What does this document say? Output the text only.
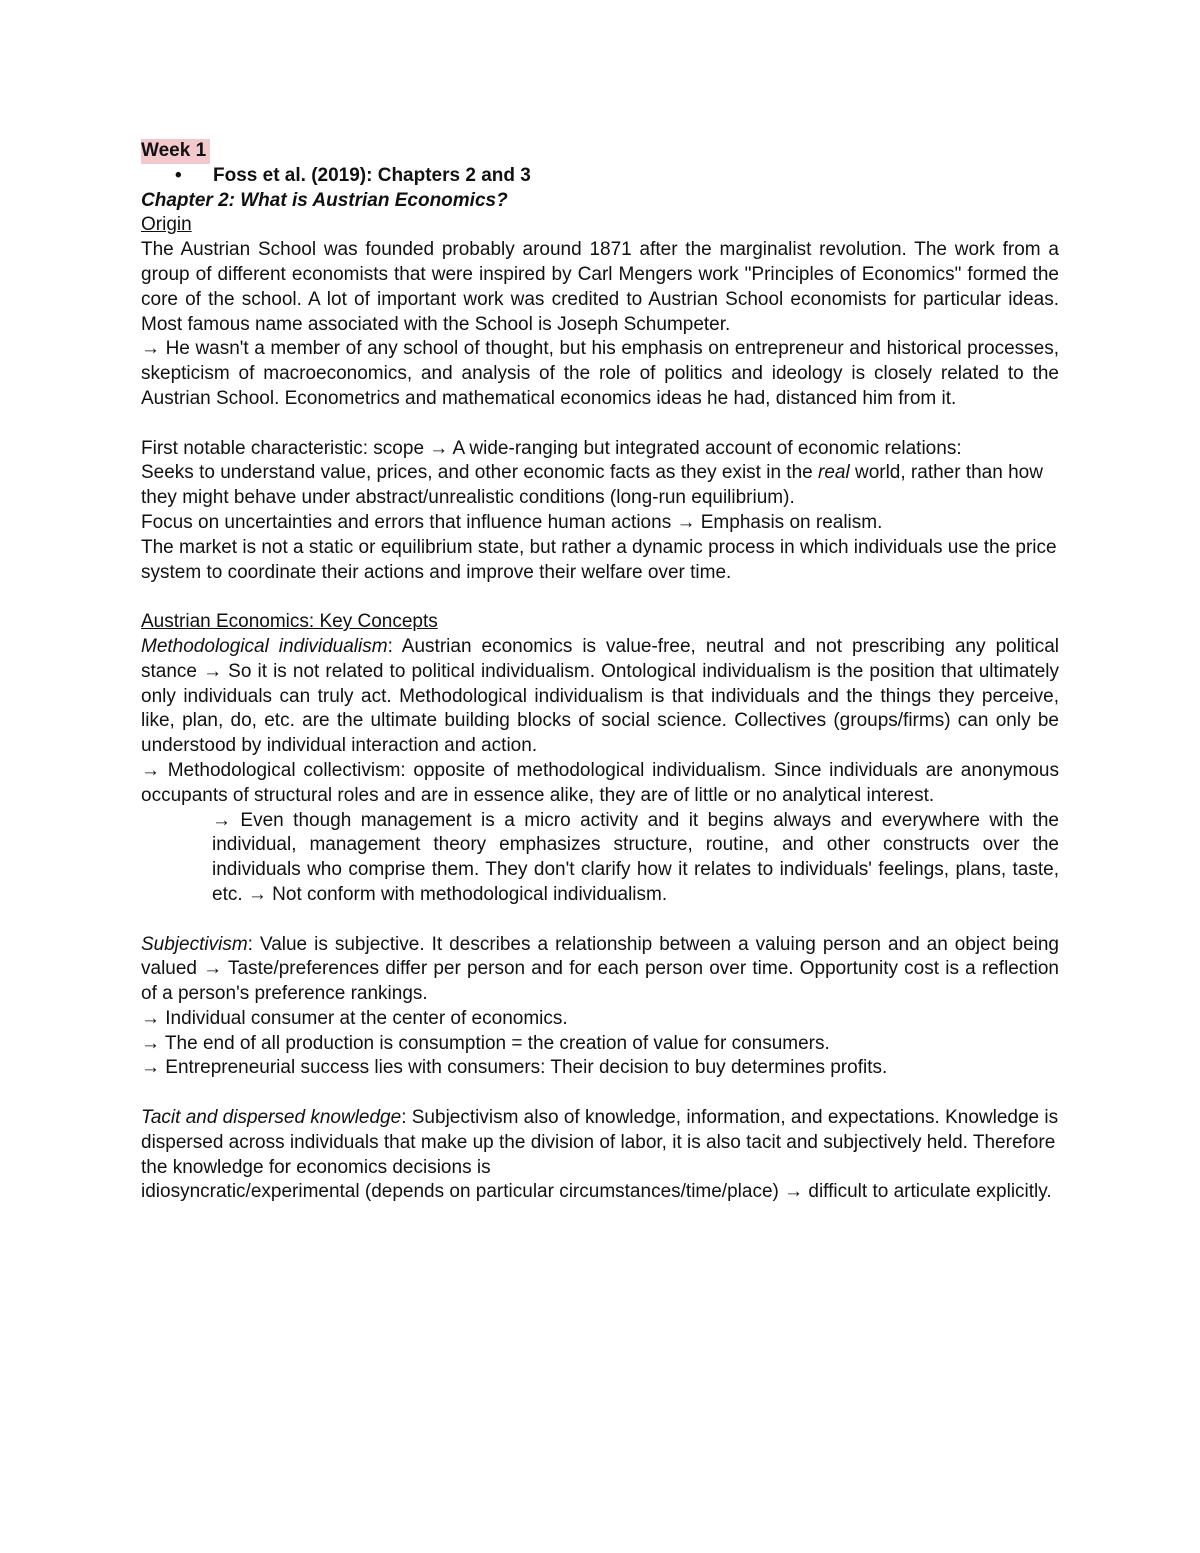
Week 1

• Foss et al. (2019): Chapters 2 and 3

Chapter 2: What is Austrian Economics?

Origin

The Austrian School was founded probably around 1871 after the marginalist revolution. The work from a group of different economists that were inspired by Carl Mengers work "Principles of Economics" formed the core of the school. A lot of important work was credited to Austrian School economists for particular ideas. Most famous name associated with the School is Joseph Schumpeter.

→ He wasn't a member of any school of thought, but his emphasis on entrepreneur and historical processes, skepticism of macroeconomics, and analysis of the role of politics and ideology is closely related to the Austrian School. Econometrics and mathematical economics ideas he had, distanced him from it.

First notable characteristic: scope → A wide-ranging but integrated account of economic relations:

Seeks to understand value, prices, and other economic facts as they exist in the real world, rather than how they might behave under abstract/unrealistic conditions (long-run equilibrium).

Focus on uncertainties and errors that influence human actions → Emphasis on realism.

The market is not a static or equilibrium state, but rather a dynamic process in which individuals use the price system to coordinate their actions and improve their welfare over time.

Austrian Economics: Key Concepts

Methodological individualism: Austrian economics is value-free, neutral and not prescribing any political stance → So it is not related to political individualism. Ontological individualism is the position that ultimately only individuals can truly act. Methodological individualism is that individuals and the things they perceive, like, plan, do, etc. are the ultimate building blocks of social science. Collectives (groups/firms) can only be understood by individual interaction and action.

→ Methodological collectivism: opposite of methodological individualism. Since individuals are anonymous occupants of structural roles and are in essence alike, they are of little or no analytical interest.

→ Even though management is a micro activity and it begins always and everywhere with the individual, management theory emphasizes structure, routine, and other constructs over the individuals who comprise them. They don't clarify how it relates to individuals' feelings, plans, taste, etc. → Not conform with methodological individualism.

Subjectivism: Value is subjective. It describes a relationship between a valuing person and an object being valued → Taste/preferences differ per person and for each person over time. Opportunity cost is a reflection of a person's preference rankings.

→ Individual consumer at the center of economics.

→ The end of all production is consumption = the creation of value for consumers.

→ Entrepreneurial success lies with consumers: Their decision to buy determines profits.

Tacit and dispersed knowledge: Subjectivism also of knowledge, information, and expectations. Knowledge is dispersed across individuals that make up the division of labor, it is also tacit and subjectively held. Therefore the knowledge for economics decisions is

idiosyncratic/experimental (depends on particular circumstances/time/place) → difficult to articulate explicitly.
